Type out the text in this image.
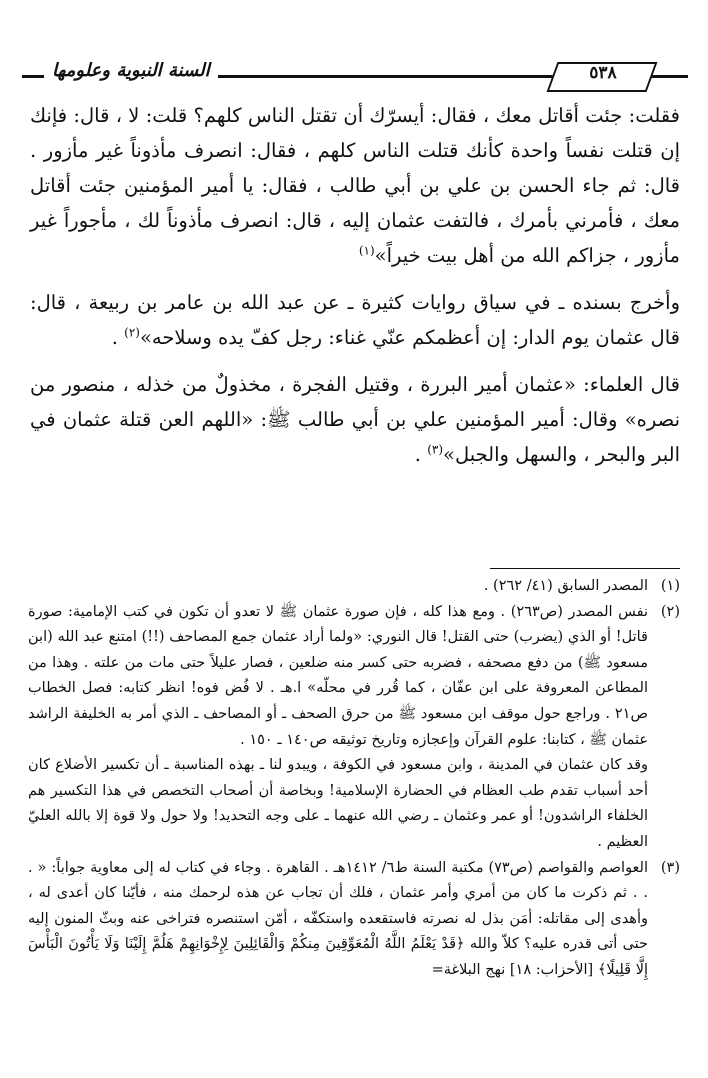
٥٣٨
السنة النبوية وعلومها

فقلت: جئت أقاتل معك ، فقال: أيسرّك أن تقتل الناس كلهم؟ قلت: لا ، قال: فإنك إن قتلت نفساً واحدة كأنك قتلت الناس كلهم ، فقال: انصرف مأذوناً غير مأزور . قال: ثم جاء الحسن بن علي بن أبي طالب ، فقال: يا أمير المؤمنين جئت أقاتل معك ، فأمرني بأمرك ، فالتفت عثمان إليه ، قال: انصرف مأذوناً لك ، مأجوراً غير مأزور ، جزاكم الله من أهل بيت خيراً»$^{(١)}$

وأخرج بسنده ـ في سياق روايات كثيرة ـ عن عبد الله بن عامر بن ربيعة ، قال: قال عثمان يوم الدار: إن أعظمكم عنّي غناء: رجل كفّ يده وسلاحه»$^{(٢)}$ .

قال العلماء: «عثمان أمير البررة ، وقتيل الفجرة ، مخذولٌ من خذله ، منصور من نصره» وقال: أمير المؤمنين علي بن أبي طالب ﷺ: «اللهم العن قتلة عثمان في البر والبحر ، والسهل والجبل»$^{(٣)}$ .

(١)

المصدر السابق (٤١/ ٢٦٢) .

(٢)

نفس المصدر (ص٢٦٣) . ومع هذا كله ، فإن صورة عثمان ﷺ لا تعدو أن تكون في كتب الإمامية: صورة قاتل! أو الذي (يضرب) حتى القتل! قال النوري: «ولما أراد عثمان جمع المصاحف (!!) امتنع عبد الله (ابن مسعود ﷺ) من دفع مصحفه ، فضربه حتى كسر منه ضلعين ، فصار عليلاً حتى مات من علته . وهذا من المطاعن المعروفة على ابن عفّان ، كما قُرر في محلّه» ا.هـ . لا فُض فوه! انظر كتابه: فصل الخطاب ص٢١ . وراجع حول موقف ابن مسعود ﷺ من حرق الصحف ـ أو المصاحف ـ الذي أمر به الخليفة الراشد عثمان ﷺ ، كتابنا: علوم القرآن وإعجازه وتاريخ توثيقه ص١٤٠ ـ ١٥٠ .

وقد كان عثمان في المدينة ، وابن مسعود في الكوفة ، ويبدو لنا ـ بهذه المناسبة ـ أن تكسير الأضلاع كان أحد أسباب تقدم طب العظام في الحضارة الإسلامية! وبخاصة أن أصحاب التخصص في هذا التكسير هم الخلفاء الراشدون! أو عمر وعثمان ـ رضي الله عنهما ـ على وجه التحديد! ولا حول ولا قوة إلا بالله العليّ العظيم .

(٣)

العواصم والقواصم (ص٧٣) مكتبة السنة ط٦/ ١٤١٢هـ . القاهرة . وجاء في كتاب له إلى معاوية جواباً: « . . . ثم ذكرت ما كان من أمري وأمر عثمان ، فلك أن تجاب عن هذه لرحمك منه ، فأيّنا كان أعدى له ، وأهدى إلى مقاتله: أمَن بذل له نصرته فاستقعده واستكفّه ، أمّن استنصره فتراخى عنه وبثّ المنون إليه حتى أتى قدره عليه؟ كلاّ والله ﴿قَدْ يَعْلَمُ اللَّهُ الْمُعَوِّقِينَ مِنكُمْ وَالْقَائِلِينَ لِإِخْوَانِهِمْ هَلُمَّ إِلَيْنَا وَلَا يَأْتُونَ الْبَأْسَ إِلَّا قَلِيلًا﴾ [الأحزاب: ١٨] نهج البلاغة=
